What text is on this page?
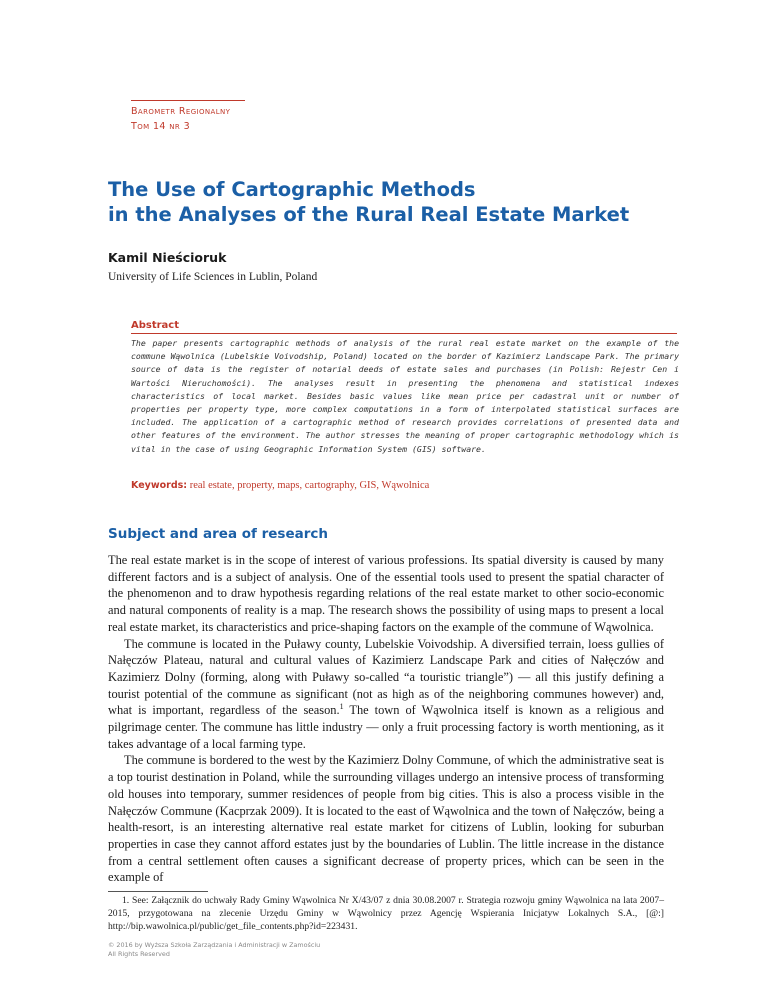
Barometr Regionalny
Tom 14 nr 3
The Use of Cartographic Methods
in the Analyses of the Rural Real Estate Market
Kamil Nieścioruk
University of Life Sciences in Lublin, Poland
Abstract
The paper presents cartographic methods of analysis of the rural real estate market on the example of the commune Wąwolnica (Lubelskie Voivodship, Poland) located on the border of Kazimierz Landscape Park. The primary source of data is the register of notarial deeds of estate sales and purchases (in Polish: Rejestr Cen i Wartości Nieruchomości). The analyses result in presenting the phenomena and statistical indexes characteristics of local market. Besides basic values like mean price per cadastral unit or number of properties per property type, more complex computations in a form of interpolated statistical surfaces are included. The application of a cartographic method of research provides correlations of presented data and other features of the environment. The author stresses the meaning of proper cartographic methodology which is vital in the case of using Geographic Information System (GIS) software.
Keywords: real estate, property, maps, cartography, GIS, Wąwolnica
Subject and area of research

The real estate market is in the scope of interest of various professions. Its spatial diversity is caused by many different factors and is a subject of analysis. One of the essential tools used to present the spatial character of the phenomenon and to draw hypothesis regarding relations of the real estate market to other socio-economic and natural components of reality is a map. The research shows the possibility of using maps to present a local real estate market, its characteristics and price-shaping factors on the example of the commune of Wąwolnica.

The commune is located in the Puławy county, Lubelskie Voivodship. A diversified terrain, loess gullies of Nałęczów Plateau, natural and cultural values of Kazimierz Landscape Park and cities of Nałęczów and Kazimierz Dolny (forming, along with Puławy so-called “a touristic triangle”) — all this justify defining a tourist potential of the commune as significant (not as high as of the neighboring communes however) and, what is important, regardless of the season.$^1$ The town of Wąwolnica itself is known as a religious and pilgrimage center. The commune has little industry — only a fruit processing factory is worth mentioning, as it takes advantage of a local farming type.

The commune is bordered to the west by the Kazimierz Dolny Commune, of which the administrative seat is a top tourist destination in Poland, while the surrounding villages undergo an intensive process of transforming old houses into temporary, summer residences of people from big cities. This is also a process visible in the Nałęczów Commune (Kacprzak 2009). It is located to the east of Wąwolnica and the town of Nałęczów, being a health-resort, is an interesting alternative real estate market for citizens of Lublin, looking for suburban properties in case they cannot afford estates just by the boundaries of Lublin. The little increase in the distance from a central settlement often causes a significant decrease of property prices, which can be seen in the example of

1. See: Załącznik do uchwały Rady Gminy Wąwolnica Nr X/43/07 z dnia 30.08.2007 r. Strategia rozwoju gminy Wąwolnica na lata 2007–2015, przygotowana na zlecenie Urzędu Gminy w Wąwolnicy przez Agencję Wspierania Inicjatyw Lokalnych S.A., [@:] http://bip.wawolnica.pl/public/get_file_contents.php?id=223431.
© 2016 by Wyższa Szkoła Zarządzania i Administracji w Zamościu
All Rights Reserved
